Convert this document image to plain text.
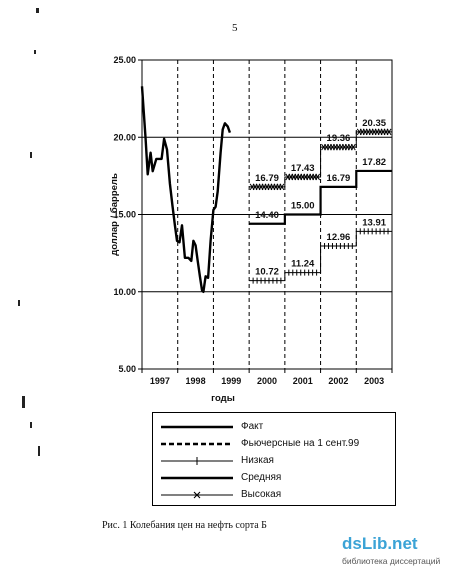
5
5.00
10.00
15.00
20.00
25.00
1997 1998 1999 2000 2001 2002 2003
доллар / баррель
годы
10.72
11.24
12.96
13.91
14.40
15.00
16.79
17.82
16.79
17.43
19.36
20.35
Факт
Фьючерсные на 1 сент.99
Низкая
Средняя
Высокая
Рис. 1 Колебания цен на нефть сорта Б
dsLib.net
библиотека диссертаций
